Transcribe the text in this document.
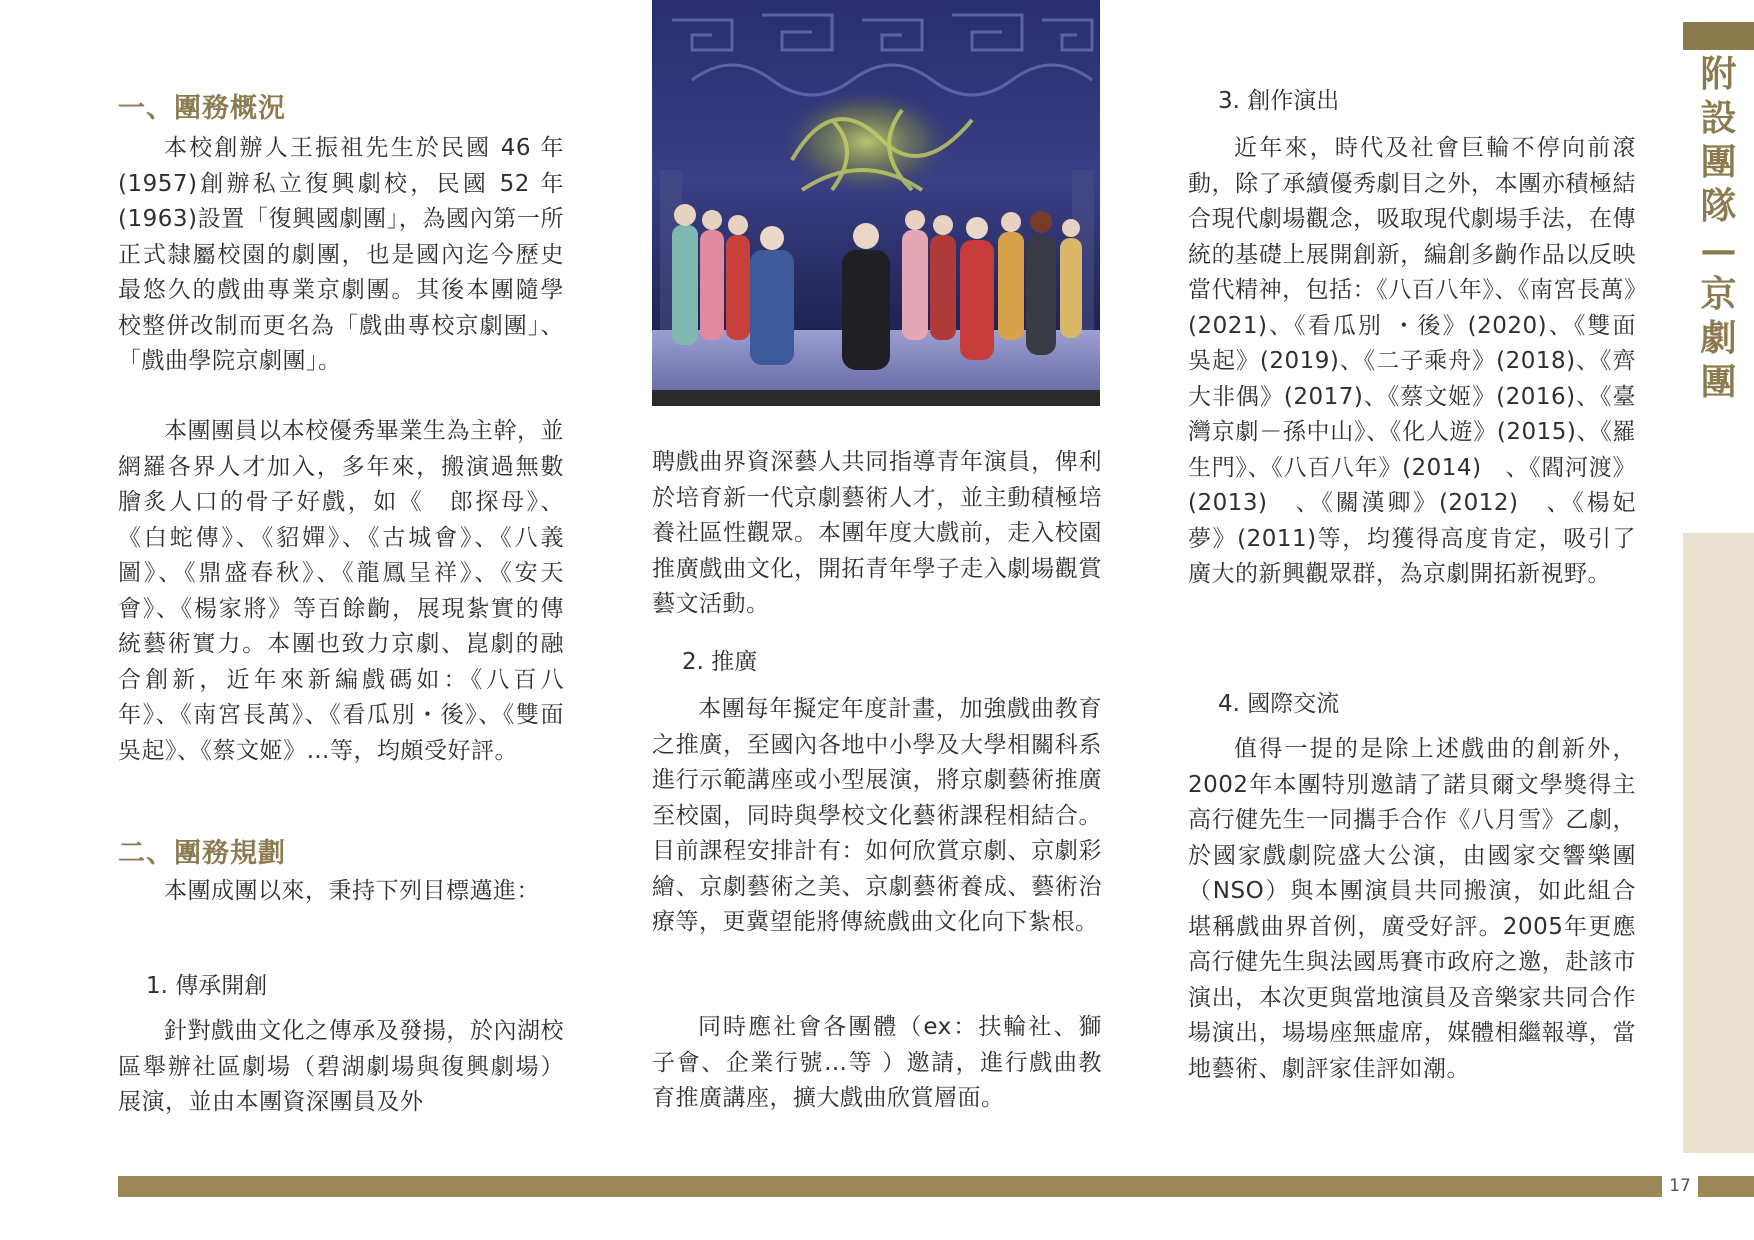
一、團務概況

本校創辦人王振祖先生於民國 46 年 (1957)創辦私立復興劇校，民國 52 年 (1963)設置「復興國劇團」，為國內第一所正式隸屬校園的劇團，也是國內迄今歷史最悠久的戲曲專業京劇團。其後本團隨學校整併改制而更名為「戲曲專校京劇團」、「戲曲學院京劇團」。

本團團員以本校優秀畢業生為主幹，並網羅各界人才加入，多年來，搬演過無數膾炙人口的骨子好戲，如《　郎探母》、《白蛇傳》、《貂嬋》、《古城會》、《八義圖》、《鼎盛春秋》、《龍鳳呈祥》、《安天會》、《楊家將》等百餘齣，展現紮實的傳統藝術實力。本團也致力京劇、崑劇的融合創新，近年來新編戲碼如：《八百八年》、《南宮長萬》、《看瓜別・後》、《雙面吳起》、《蔡文姬》…等，均頗受好評。

二、團務規劃

本團成團以來，秉持下列目標邁進：

1. 傳承開創

針對戲曲文化之傳承及發揚，於內湖校區舉辦社區劇場（碧湖劇場與復興劇場）展演，並由本團資深團員及外

聘戲曲界資深藝人共同指導青年演員，俾利於培育新一代京劇藝術人才，並主動積極培養社區性觀眾。本團年度大戲前，走入校園推廣戲曲文化，開拓青年學子走入劇場觀賞藝文活動。

2. 推廣

本團每年擬定年度計畫，加強戲曲教育之推廣，至國內各地中小學及大學相關科系進行示範講座或小型展演，將京劇藝術推廣至校園，同時與學校文化藝術課程相結合。目前課程安排計有：如何欣賞京劇、京劇彩繪、京劇藝術之美、京劇藝術養成、藝術治療等，更冀望能將傳統戲曲文化向下紮根。

同時應社會各團體（ex：扶輪社、獅子會、企業行號…等 ）邀請，進行戲曲教育推廣講座，擴大戲曲欣賞層面。

3. 創作演出

近年來，時代及社會巨輪不停向前滾動，除了承續優秀劇目之外，本團亦積極結合現代劇場觀念，吸取現代劇場手法，在傳統的基礎上展開創新，編創多齣作品以反映當代精神，包括：《八百八年》、《南宮長萬》(2021)、《看瓜別 ・後》(2020)、《雙面吳起》(2019)、《二子乘舟》(2018)、《齊大非偶》(2017)、《蔡文姬》(2016)、《臺灣京劇－孫中山》、《化人遊》(2015)、《羅生門》、《八百八年》(2014)　、《閻河渡》(2013)　、《關漢卿》(2012)　、《楊妃夢》(2011)等，均獲得高度肯定，吸引了廣大的新興觀眾群，為京劇開拓新視野。

4. 國際交流

值得一提的是除上述戲曲的創新外，2002年本團特別邀請了諾貝爾文學獎得主高行健先生一同攜手合作《八月雪》乙劇，於國家戲劇院盛大公演，由國家交響樂團（NSO）與本團演員共同搬演，如此組合堪稱戲曲界首例，廣受好評。2005年更應高行健先生與法國馬賽市政府之邀，赴該市演出，本次更與當地演員及音樂家共同合作　場演出，場場座無虛席，媒體相繼報導，當地藝術、劇評家佳評如潮。

附
設
團
隊
—
京
劇
團
17
